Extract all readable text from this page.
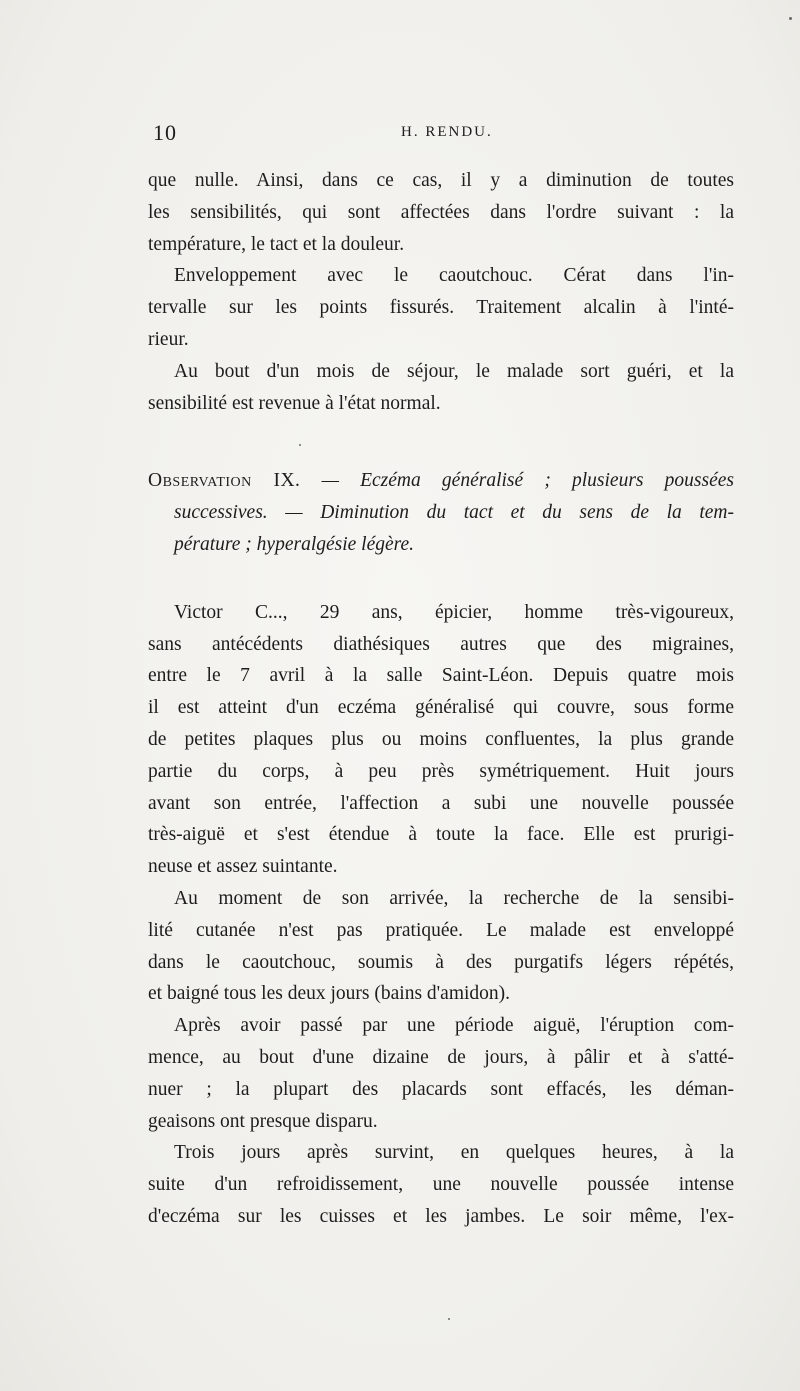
10	H. RENDU.
que nulle. Ainsi, dans ce cas, il y a diminution de toutes
les sensibilités, qui sont affectées dans l'ordre suivant : la
température, le tact et la douleur.
Enveloppement avec le caoutchouc. Cérat dans l'in-
tervalle sur les points fissurés. Traitement alcalin à l'inté-
rieur.
Au bout d'un mois de séjour, le malade sort guéri, et la
sensibilité est revenue à l'état normal.
Observation IX. — Eczéma généralisé ; plusieurs poussées
successives. — Diminution du tact et du sens de la tem-
pérature ; hyperalgésie légère.
Victor C..., 29 ans, épicier, homme très-vigoureux,
sans antécédents diathésiques autres que des migraines,
entre le 7 avril à la salle Saint-Léon. Depuis quatre mois
il est atteint d'un eczéma généralisé qui couvre, sous forme
de petites plaques plus ou moins confluentes, la plus grande
partie du corps, à peu près symétriquement. Huit jours
avant son entrée, l'affection a subi une nouvelle poussée
très-aiguë et s'est étendue à toute la face. Elle est prurigi-
neuse et assez suintante.
Au moment de son arrivée, la recherche de la sensibi-
lité cutanée n'est pas pratiquée. Le malade est enveloppé
dans le caoutchouc, soumis à des purgatifs légers répétés,
et baigné tous les deux jours (bains d'amidon).
Après avoir passé par une période aiguë, l'éruption com-
mence, au bout d'une dizaine de jours, à pâlir et à s'atté-
nuer ; la plupart des placards sont effacés, les déman-
geaisons ont presque disparu.
Trois jours après survint, en quelques heures, à la
suite d'un refroidissement, une nouvelle poussée intense
d'eczéma sur les cuisses et les jambes. Le soir même, l'ex-
